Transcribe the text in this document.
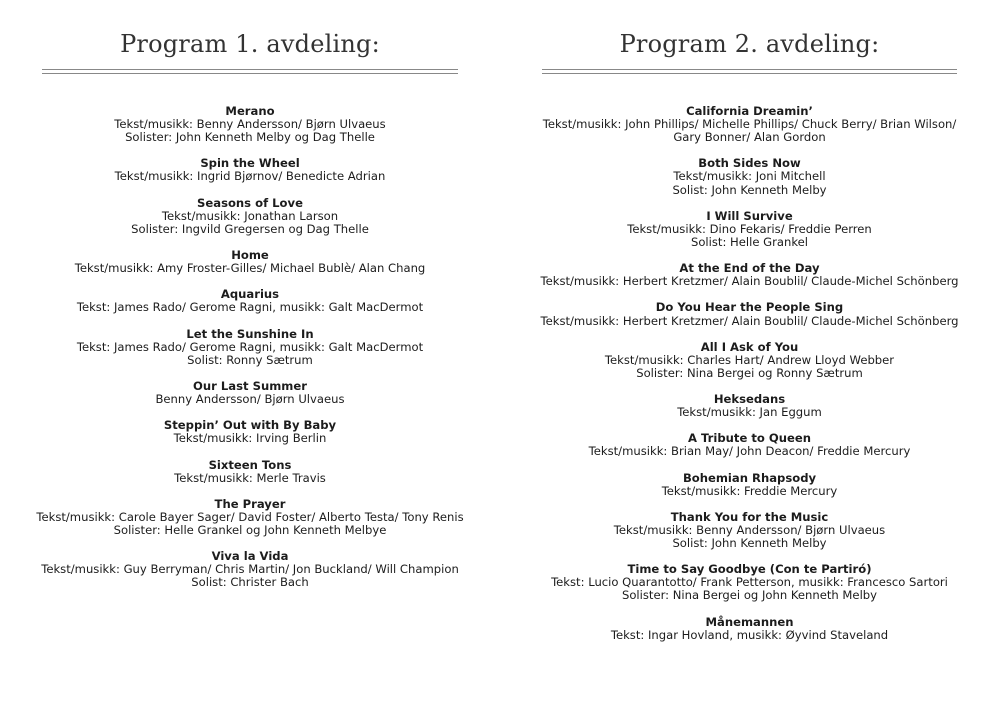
Program 1. avdeling:
Merano
Tekst/musikk: Benny Andersson/ Bjørn Ulvaeus
Solister: John Kenneth Melby og Dag Thelle
Spin the Wheel
Tekst/musikk: Ingrid Bjørnov/ Benedicte Adrian
Seasons of Love
Tekst/musikk: Jonathan Larson
Solister: Ingvild Gregersen og Dag Thelle
Home
Tekst/musikk: Amy Froster-Gilles/ Michael Bublè/ Alan Chang
Aquarius
Tekst: James Rado/ Gerome Ragni, musikk: Galt MacDermot
Let the Sunshine In
Tekst: James Rado/ Gerome Ragni, musikk: Galt MacDermot
Solist: Ronny Sætrum
Our Last Summer
Benny Andersson/ Bjørn Ulvaeus
Steppin’ Out with By Baby
Tekst/musikk: Irving Berlin
Sixteen Tons
Tekst/musikk: Merle Travis
The Prayer
Tekst/musikk: Carole Bayer Sager/ David Foster/ Alberto Testa/ Tony Renis
Solister: Helle Grankel og John Kenneth Melbye
Viva la Vida
Tekst/musikk: Guy Berryman/ Chris Martin/ Jon Buckland/ Will Champion
Solist: Christer Bach
Program 2. avdeling:
California Dreamin’
Tekst/musikk: John Phillips/ Michelle Phillips/ Chuck Berry/ Brian Wilson/
Gary Bonner/ Alan Gordon
Both Sides Now
Tekst/musikk: Joni Mitchell
Solist: John Kenneth Melby
I Will Survive
Tekst/musikk: Dino Fekaris/ Freddie Perren
Solist: Helle Grankel
At the End of the Day
Tekst/musikk: Herbert Kretzmer/ Alain Boublil/ Claude-Michel Schönberg
Do You Hear the People Sing
Tekst/musikk: Herbert Kretzmer/ Alain Boublil/ Claude-Michel Schönberg
All I Ask of You
Tekst/musikk: Charles Hart/ Andrew Lloyd Webber
Solister: Nina Bergei og Ronny Sætrum
Heksedans
Tekst/musikk: Jan Eggum
A Tribute to Queen
Tekst/musikk: Brian May/ John Deacon/ Freddie Mercury
Bohemian Rhapsody
Tekst/musikk: Freddie Mercury
Thank You for the Music
Tekst/musikk: Benny Andersson/ Bjørn Ulvaeus
Solist: John Kenneth Melby
Time to Say Goodbye (Con te Partiró)
Tekst: Lucio Quarantotto/ Frank Petterson, musikk: Francesco Sartori
Solister: Nina Bergei og John Kenneth Melby
Månemannen
Tekst: Ingar Hovland, musikk: Øyvind Staveland
